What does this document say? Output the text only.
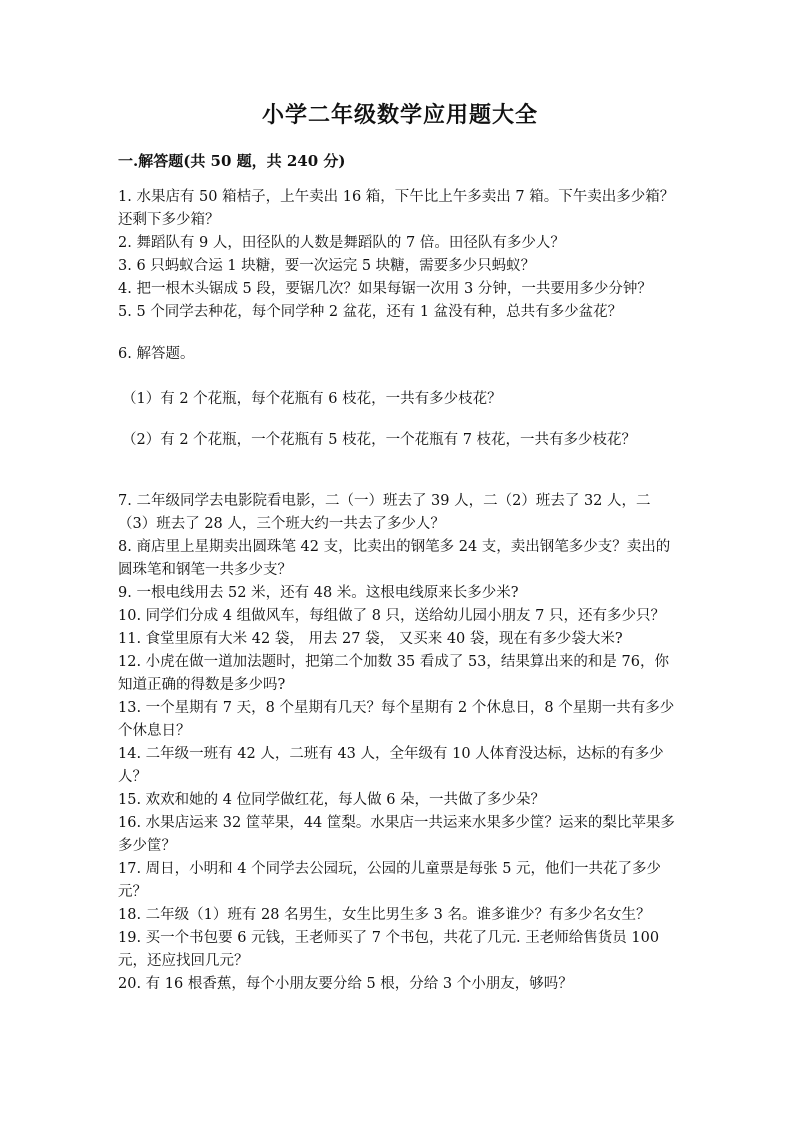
小学二年级数学应用题大全
一.解答题(共 50 题，共 240 分)

1. 水果店有 50 箱桔子，上午卖出 16 箱，下午比上午多卖出 7 箱。下午卖出多少箱？还剩下多少箱？

2. 舞蹈队有 9 人，田径队的人数是舞蹈队的 7 倍。田径队有多少人？

3. 6 只蚂蚁合运 1 块糖，要一次运完 5 块糖，需要多少只蚂蚁？

4. 把一根木头锯成 5 段，要锯几次？如果每锯一次用 3 分钟，一共要用多少分钟？

5. 5 个同学去种花，每个同学种 2 盆花，还有 1 盆没有种，总共有多少盆花？

6. 解答题。

（1）有 2 个花瓶，每个花瓶有 6 枝花，一共有多少枝花？

（2）有 2 个花瓶，一个花瓶有 5 枝花，一个花瓶有 7 枝花，一共有多少枝花？

7. 二年级同学去电影院看电影，二（一）班去了 39 人，二（2）班去了 32 人，二（3）班去了 28 人，三个班大约一共去了多少人？

8. 商店里上星期卖出圆珠笔 42 支，比卖出的钢笔多 24 支，卖出钢笔多少支？卖出的圆珠笔和钢笔一共多少支？

9. 一根电线用去 52 米，还有 48 米。这根电线原来长多少米?

10. 同学们分成 4 组做风车，每组做了 8 只，送给幼儿园小朋友 7 只，还有多少只？

11. 食堂里原有大米 42 袋， 用去 27 袋， 又买来 40 袋，现在有多少袋大米?

12. 小虎在做一道加法题时，把第二个加数 35 看成了 53，结果算出来的和是 76，你知道正确的得数是多少吗?

13. 一个星期有 7 天，8 个星期有几天？每个星期有 2 个休息日，8 个星期一共有多少个休息日？

14. 二年级一班有 42 人，二班有 43 人，全年级有 10 人体育没达标，达标的有多少人？

15. 欢欢和她的 4 位同学做红花，每人做 6 朵，一共做了多少朵？

16. 水果店运来 32 筐苹果，44 筐梨。水果店一共运来水果多少筐？运来的梨比苹果多多少筐？

17. 周日，小明和 4 个同学去公园玩，公园的儿童票是每张 5 元，他们一共花了多少元？

18. 二年级（1）班有 28 名男生，女生比男生多 3 名。谁多谁少？有多少名女生？

19. 买一个书包要 6 元钱，王老师买了 7 个书包，共花了几元. 王老师给售货员 100 元，还应找回几元？

20. 有 16 根香蕉，每个小朋友要分给 5 根，分给 3 个小朋友，够吗？
